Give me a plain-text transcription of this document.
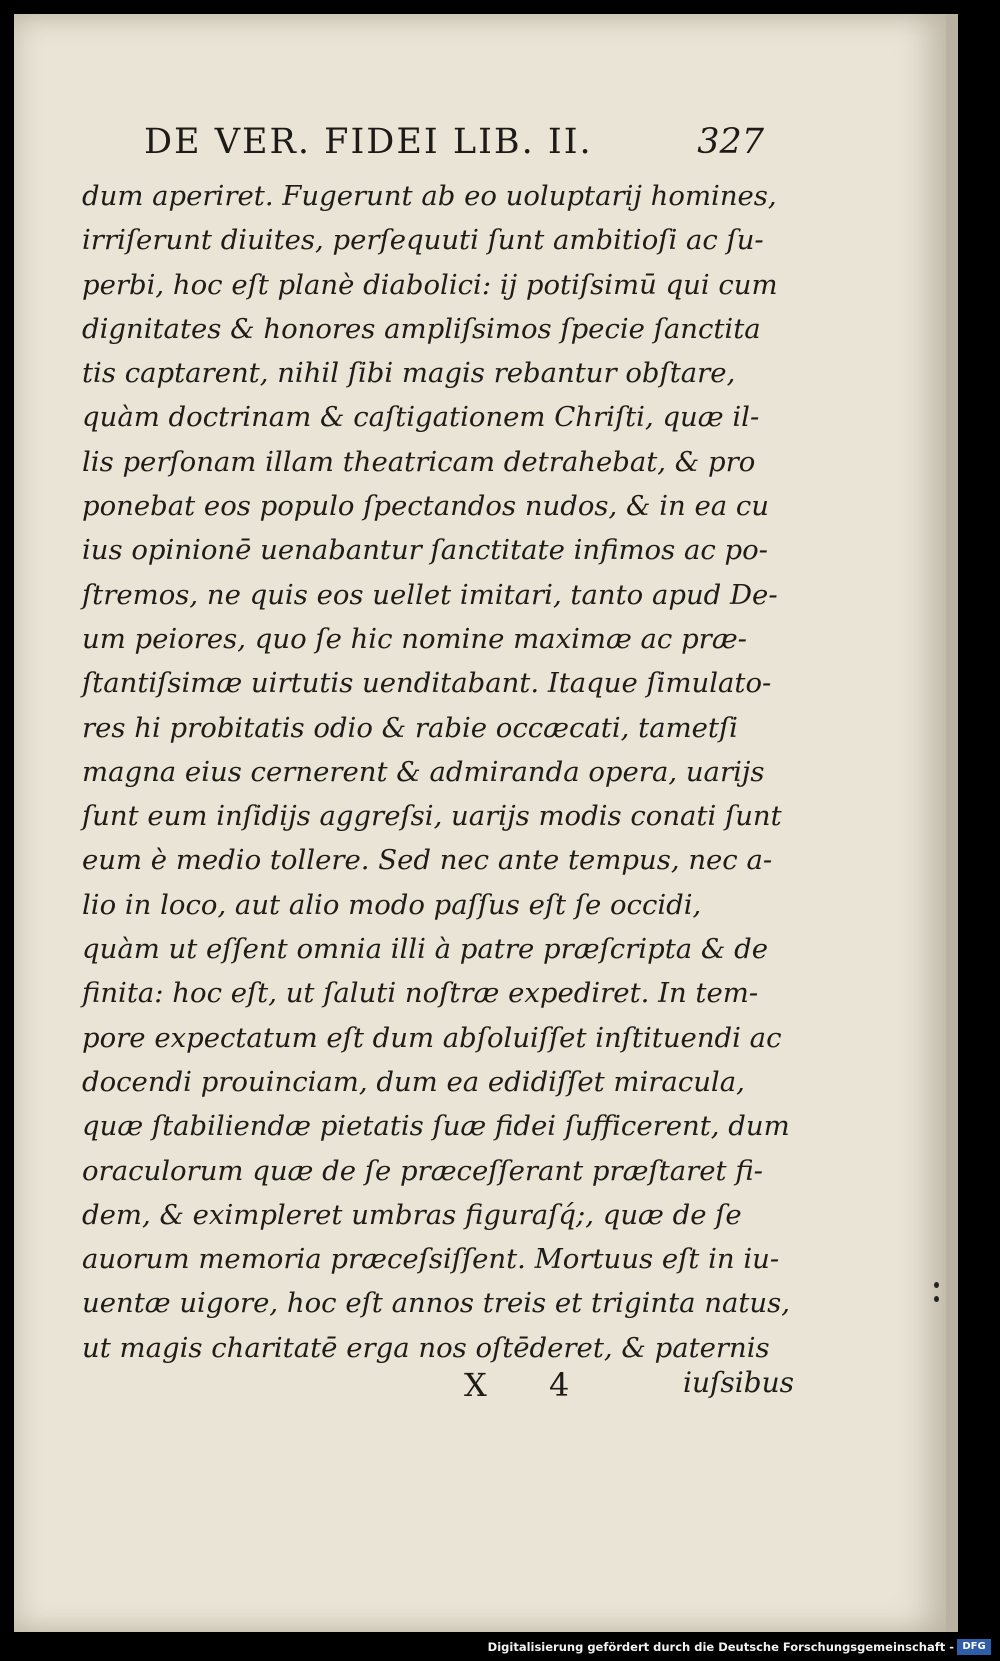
DE VER. FIDEI LIB. II.	327
dum aperiret. Fugerunt ab eo uoluptarij homines,
irriſerunt diuites, perſequuti ſunt ambitioſi ac ſu-
perbi, hoc eſt planè diabolici: ij potiſsimū qui cum
dignitates & honores ampliſsimos ſpecie ſanctita
tis captarent, nihil ſibi magis rebantur obſtare,
quàm doctrinam & caſtigationem Chriſti, quæ il-
lis perſonam illam theatricam detrahebat, & pro
ponebat eos populo ſpectandos nudos, & in ea cu
ius opinionē uenabantur ſanctitate infimos ac po-
ſtremos, ne quis eos uellet imitari, tanto apud De-
um peiores, quo ſe hic nomine maximæ ac præ-
ſtantiſsimæ uirtutis uenditabant. Itaque ſimulato-
res hi probitatis odio & rabie occæcati, tametſi
magna eius cernerent & admiranda opera, uarijs
ſunt eum inſidijs aggreſsi, uarijs modis conati ſunt
eum è medio tollere. Sed nec ante tempus, nec a-
lio in loco, aut alio modo paſſus eſt ſe occidi,
quàm ut eſſent omnia illi à patre præſcripta & de
finita: hoc eſt, ut ſaluti noſtræ expediret. In tem-
pore expectatum eſt dum abſoluiſſet inſtituendi ac
docendi prouinciam, dum ea edidiſſet miracula,
quæ ſtabiliendæ pietatis ſuæ fidei ſufficerent, dum
oraculorum quæ de ſe præceſſerant præſtaret fi-
dem, & eximpleret umbras figuraſq́;, quæ de ſe
auorum memoria præceſsiſſent. Mortuus eſt in iu-
uentæ uigore, hoc eſt annos treis et triginta natus,
ut magis charitatē erga nos oſtēderet, & paternis
X 4	iuſsibus
Digitalisierung gefördert durch die Deutsche Forschungsgemeinschaft - DFG
